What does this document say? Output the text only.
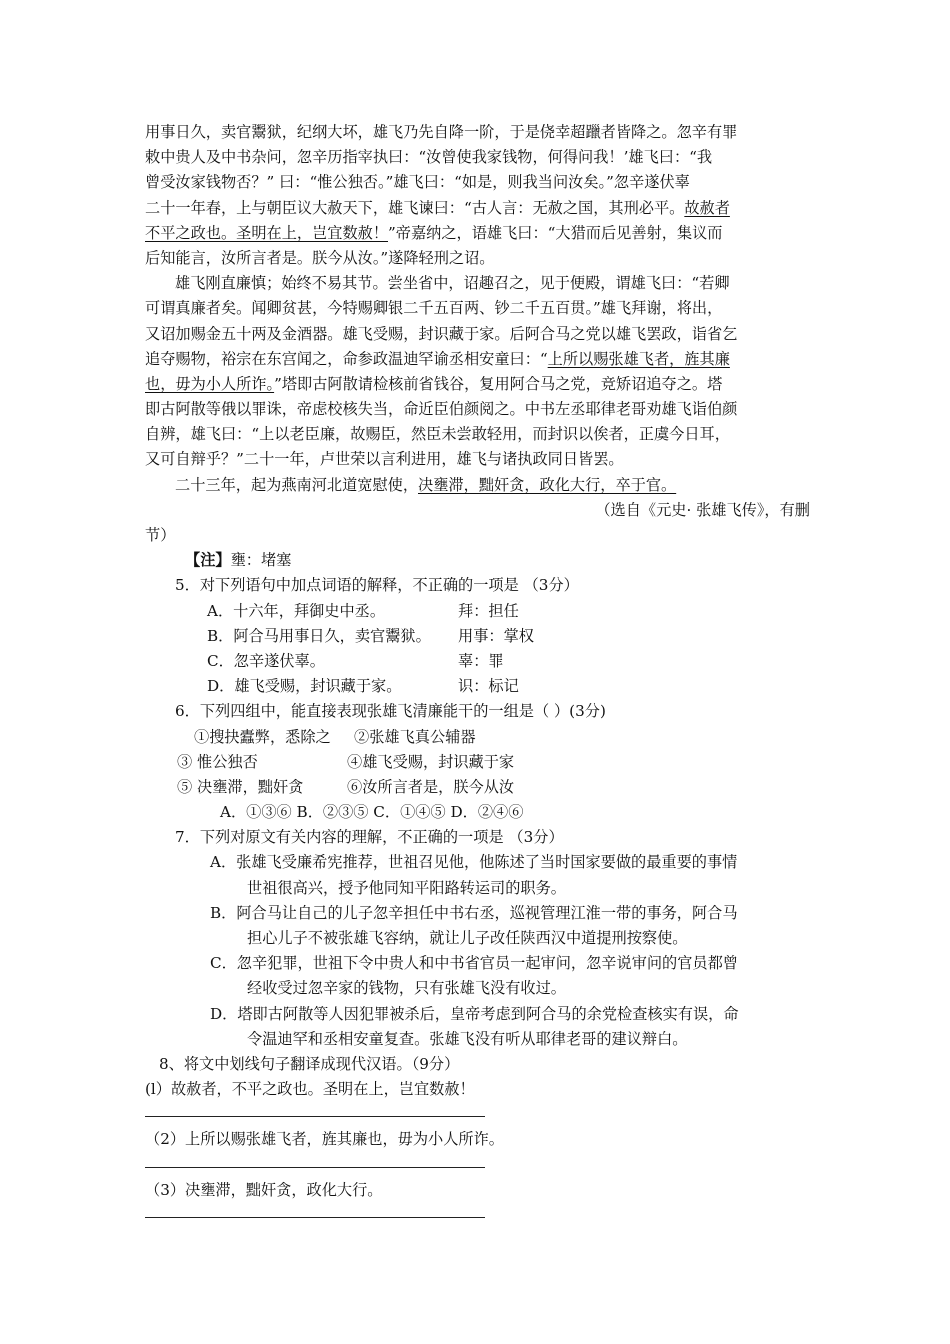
用事日久，卖官鬻狱，纪纲大坏，雄飞乃先自降一阶，于是侥幸超躐者皆降之。忽辛有罪
敕中贵人及中书杂问，忽辛历指宰执曰：“汝曾使我家钱物，何得问我！’雄飞曰：“我
曾受汝家钱物否？” 曰：“惟公独否。”雄飞曰：“如是，则我当问汝矣。”忽辛遂伏辜
二十一年春，上与朝臣议大赦天下，雄飞谏曰：“古人言：无赦之国，其刑必平。故赦者
不平之政也。圣明在上，岂宜数赦！”帝嘉纳之，语雄飞曰：“大猎而后见善射，集议而
后知能言，汝所言者是。朕今从汝。”遂降轻刑之诏。
雄飞刚直廉慎；始终不易其节。尝坐省中，诏趣召之，见于便殿，谓雄飞曰：“若卿
可谓真廉者矣。闻卿贫甚，今特赐卿银二千五百两、钞二千五百贯。”雄飞拜谢，将出，
又诏加赐金五十两及金酒器。雄飞受赐，封识藏于家。后阿合马之党以雄飞罢政，诣省乞
追夺赐物，裕宗在东宫闻之，命参政温迪罕谕丞相安童曰：“上所以赐张雄飞者，旌其廉
也，毋为小人所诈。”塔即古阿散请检核前省钱谷，复用阿合马之党，竞矫诏追夺之。塔
即古阿散等俄以罪诛，帝虑校核失当，命近臣伯颜阅之。中书左丞耶律老哥劝雄飞诣伯颜
自辨，雄飞曰：“上以老臣廉，故赐臣，然臣未尝敢轻用，而封识以俟者，正虞今日耳，
又可自辩乎？”二十一年，卢世荣以言利进用，雄飞与诸执政同日皆罢。
二十三年，起为燕南河北道宽慰使，决壅滞，黜奸贪，政化大行，卒于官。
（选自《元史· 张雄飞传》，有删
节）
【注】壅：堵塞
5．对下列语句中加点词语的解释，不正确的一项是 （3分）
A．十六年，拜御史中丞。	拜：担任
B．阿合马用事日久，卖官鬻狱。	用事：掌权
C．忽辛遂伏辜。	辜：罪
D．雄飞受赐，封识藏于家。	识：标记
6．下列四组中，能直接表现张雄飞清廉能干的一组是（ ）(3分)
①搜抉蠹弊，悉除之	②张雄飞真公辅器
③ 惟公独否	④雄飞受赐，封识藏于家
⑤ 决壅滞，黜奸贪	⑥汝所言者是，朕今从汝
A．①③⑥ B．②③⑤ C．①④⑤ D．②④⑥
7．下列对原文有关内容的理解，不正确的一项是 （3分）
A．张雄飞受廉希宪推荐，世祖召见他，他陈述了当时国家要做的最重要的事情
世祖很高兴，授予他同知平阳路转运司的职务。
B．阿合马让自己的儿子忽辛担任中书右丞，巡视管理江淮一带的事务，阿合马
担心儿子不被张雄飞容纳，就让儿子改任陕西汉中道提刑按察使。
C．忽辛犯罪，世祖下令中贵人和中书省官员一起审问，忽辛说审问的官员都曾
经收受过忽辛家的钱物，只有张雄飞没有收过。
D．塔即古阿散等人因犯罪被杀后，皇帝考虑到阿合马的余党检查核实有误，命
令温迪罕和丞相安童复查。张雄飞没有听从耶律老哥的建议辩白。
8、将文中划线句子翻译成现代汉语。（9分）
(l）故赦者，不平之政也。圣明在上，岂宜数赦！
（2）上所以赐张雄飞者，旌其廉也，毋为小人所诈。
（3）决壅滞，黜奸贪，政化大行。
